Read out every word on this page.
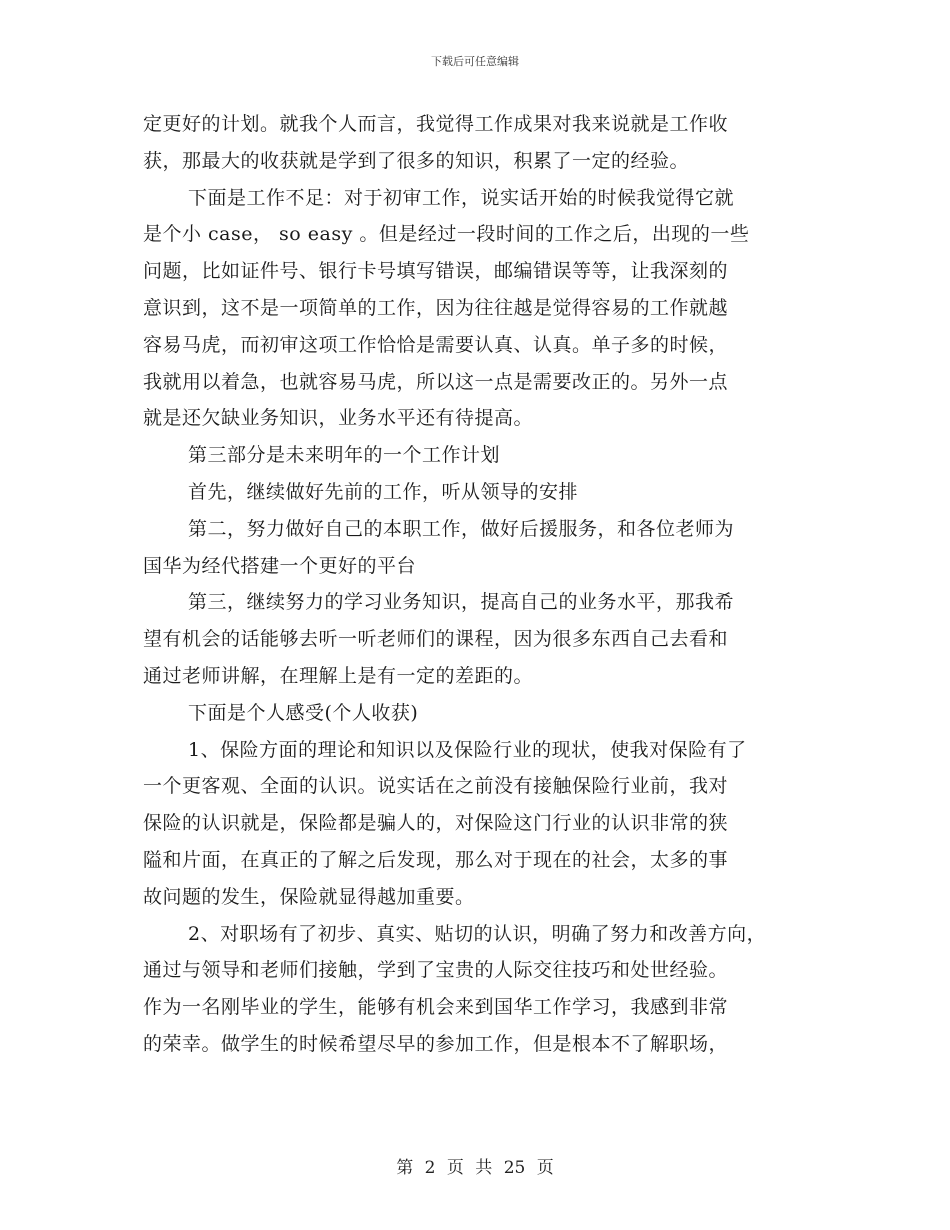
下载后可任意编辑
定更好的计划。就我个人而言，我觉得工作成果对我来说就是工作收
获，那最大的收获就是学到了很多的知识，积累了一定的经验。
下面是工作不足：对于初审工作，说实话开始的时候我觉得它就
是个小 case， so easy 。但是经过一段时间的工作之后，出现的一些
问题，比如证件号、银行卡号填写错误，邮编错误等等，让我深刻的
意识到，这不是一项简单的工作，因为往往越是觉得容易的工作就越
容易马虎，而初审这项工作恰恰是需要认真、认真。单子多的时候，
我就用以着急，也就容易马虎，所以这一点是需要改正的。另外一点
就是还欠缺业务知识，业务水平还有待提高。
第三部分是未来明年的一个工作计划
首先，继续做好先前的工作，听从领导的安排
第二，努力做好自己的本职工作，做好后援服务，和各位老师为
国华为经代搭建一个更好的平台
第三，继续努力的学习业务知识，提高自己的业务水平，那我希
望有机会的话能够去听一听老师们的课程，因为很多东西自己去看和
通过老师讲解，在理解上是有一定的差距的。
下面是个人感受(个人收获)
1、保险方面的理论和知识以及保险行业的现状，使我对保险有了
一个更客观、全面的认识。说实话在之前没有接触保险行业前，我对
保险的认识就是，保险都是骗人的，对保险这门行业的认识非常的狭
隘和片面，在真正的了解之后发现，那么对于现在的社会，太多的事
故问题的发生，保险就显得越加重要。
2、对职场有了初步、真实、贴切的认识，明确了努力和改善方向，
通过与领导和老师们接触，学到了宝贵的人际交往技巧和处世经验。
作为一名刚毕业的学生，能够有机会来到国华工作学习，我感到非常
的荣幸。做学生的时候希望尽早的参加工作，但是根本不了解职场，
第 2 页 共 25 页
